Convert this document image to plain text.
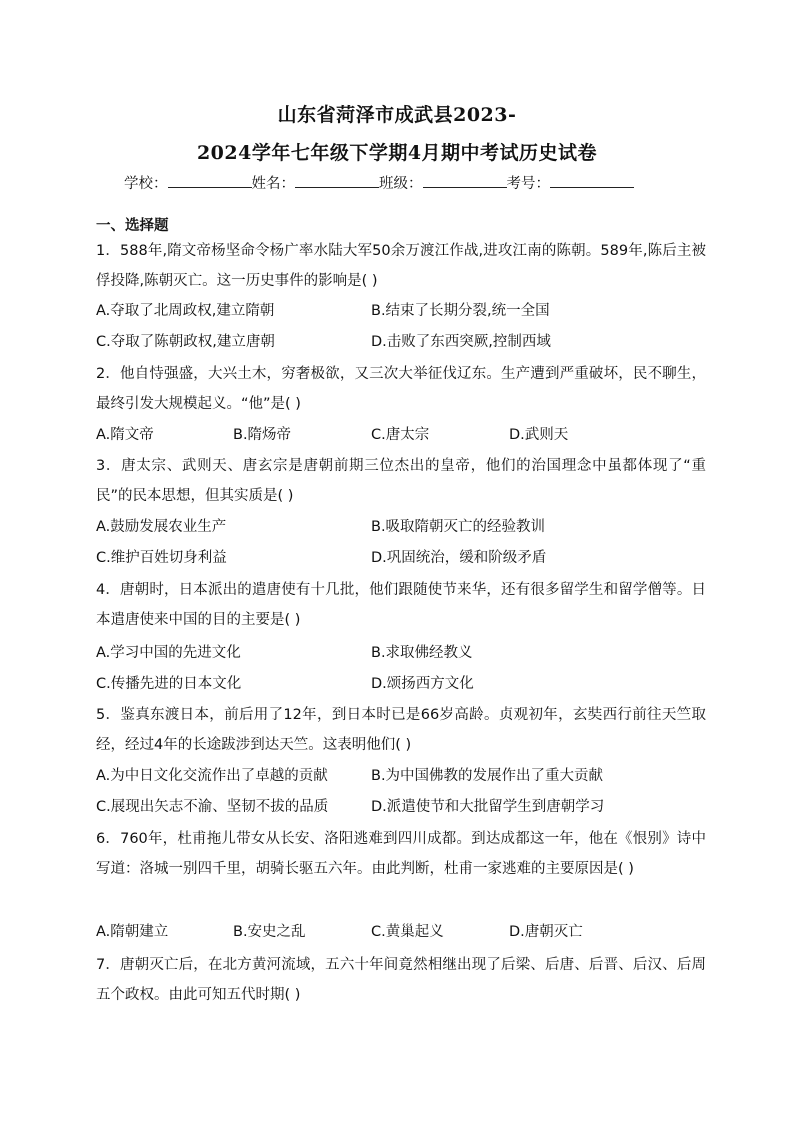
山东省菏泽市成武县2023-
2024学年七年级下学期4月期中考试历史试卷
学校：	姓名：	班级：	考号：
一、选择题
1．588年,隋文帝杨坚命令杨广率水陆大军50余万渡江作战,进攻江南的陈朝。589年,陈后主被俘投降,陈朝灭亡。这一历史事件的影响是( )
A.夺取了北周政权,建立隋朝	B.结束了长期分裂,统一全国
C.夺取了陈朝政权,建立唐朝	D.击败了东西突厥,控制西域
2．他自恃强盛，大兴土木，穷奢极欲，又三次大举征伐辽东。生产遭到严重破坏，民不聊生，最终引发大规模起义。“他”是( )
A.隋文帝	B.隋炀帝	C.唐太宗	D.武则天
3．唐太宗、武则天、唐玄宗是唐朝前期三位杰出的皇帝，他们的治国理念中虽都体现了“重民”的民本思想，但其实质是( )
A.鼓励发展农业生产	B.吸取隋朝灭亡的经验教训
C.维护百姓切身利益	D.巩固统治，缓和阶级矛盾
4．唐朝时，日本派出的遣唐使有十几批，他们跟随使节来华，还有很多留学生和留学僧等。日本遣唐使来中国的目的主要是( )
A.学习中国的先进文化	B.求取佛经教义
C.传播先进的日本文化	D.颂扬西方文化
5．鉴真东渡日本，前后用了12年，到日本时已是66岁高龄。贞观初年，玄奘西行前往天竺取经，经过4年的长途跋涉到达天竺。这表明他们( )
A.为中日文化交流作出了卓越的贡献	B.为中国佛教的发展作出了重大贡献
C.展现出矢志不渝、坚韧不拔的品质	D.派遣使节和大批留学生到唐朝学习
6．760年，杜甫拖儿带女从长安、洛阳逃难到四川成都。到达成都这一年，他在《恨别》诗中写道：洛城一别四千里，胡骑长驱五六年。由此判断，杜甫一家逃难的主要原因是( )
A.隋朝建立	B.安史之乱	C.黄巢起义	D.唐朝灭亡
7．唐朝灭亡后，在北方黄河流域，五六十年间竟然相继出现了后梁、后唐、后晋、后汉、后周五个政权。由此可知五代时期( )
